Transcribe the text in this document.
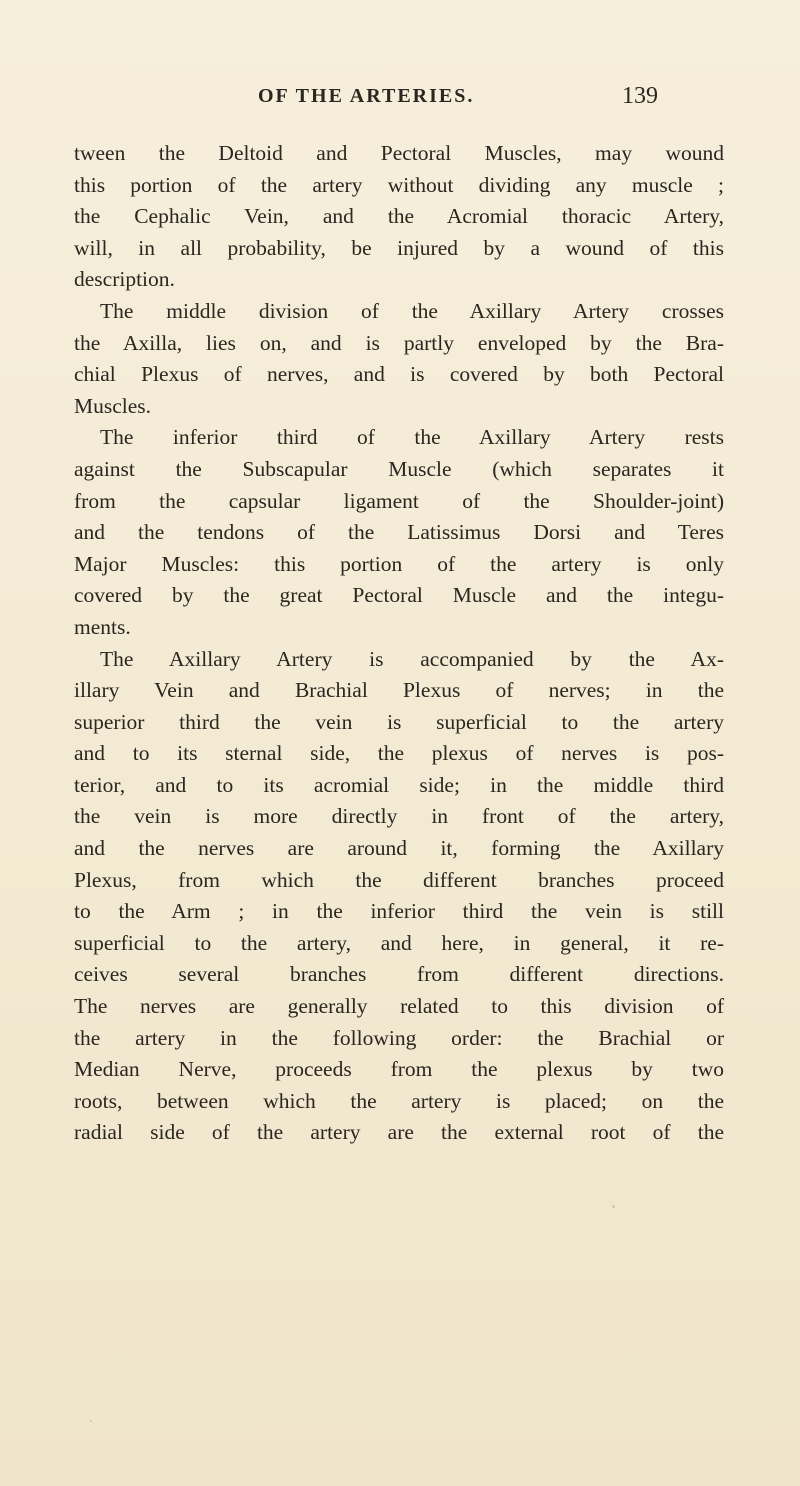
OF THE ARTERIES.	139
tween the Deltoid and Pectoral Muscles, may wound
this portion of the artery without dividing any muscle ;
the Cephalic Vein, and the Acromial thoracic Artery,
will, in all probability, be injured by a wound of this
description.
The middle division of the Axillary Artery crosses
the Axilla, lies on, and is partly enveloped by the Bra-
chial Plexus of nerves, and is covered by both Pectoral
Muscles.
The inferior third of the Axillary Artery rests
against the Subscapular Muscle (which separates it
from the capsular ligament of the Shoulder-joint)
and the tendons of the Latissimus Dorsi and Teres
Major Muscles: this portion of the artery is only
covered by the great Pectoral Muscle and the integu-
ments.
The Axillary Artery is accompanied by the Ax-
illary Vein and Brachial Plexus of nerves; in the
superior third the vein is superficial to the artery
and to its sternal side, the plexus of nerves is pos-
terior, and to its acromial side; in the middle third
the vein is more directly in front of the artery,
and the nerves are around it, forming the Axillary
Plexus, from which the different branches proceed
to the Arm ; in the inferior third the vein is still
superficial to the artery, and here, in general, it re-
ceives several branches from different directions.
The nerves are generally related to this division of
the artery in the following order: the Brachial or
Median Nerve, proceeds from the plexus by two
roots, between which the artery is placed; on the
radial side of the artery are the external root of the
